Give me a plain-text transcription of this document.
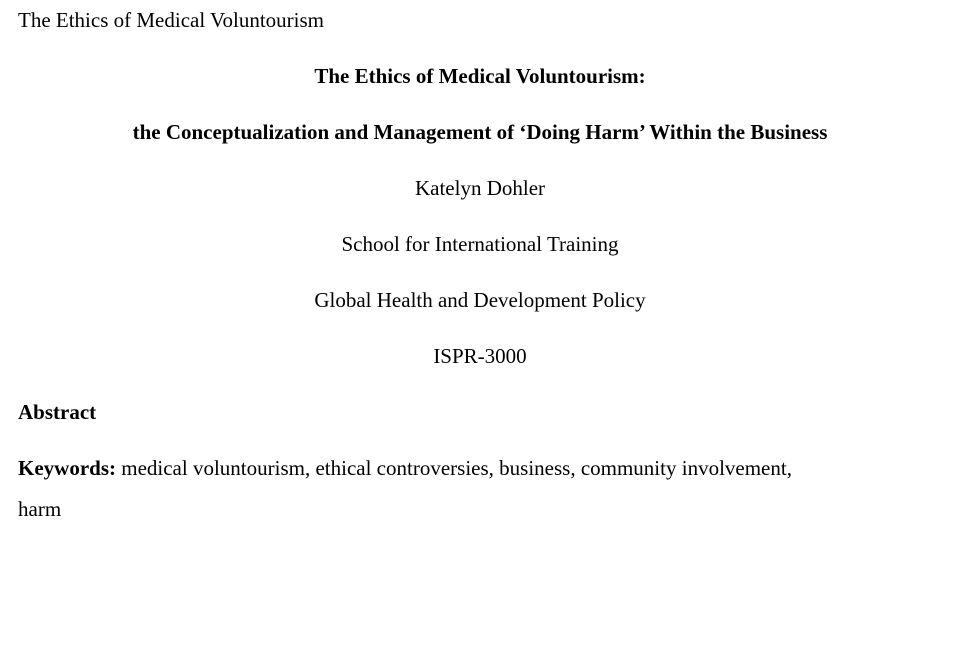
The Ethics of Medical Voluntourism

The Ethics of Medical Voluntourism:

the Conceptualization and Management of ‘Doing Harm’ Within the Business

Katelyn Dohler

School for International Training

Global Health and Development Policy

ISPR-3000

Abstract

Keywords: medical voluntourism, ethical controversies, business, community involvement,
harm
